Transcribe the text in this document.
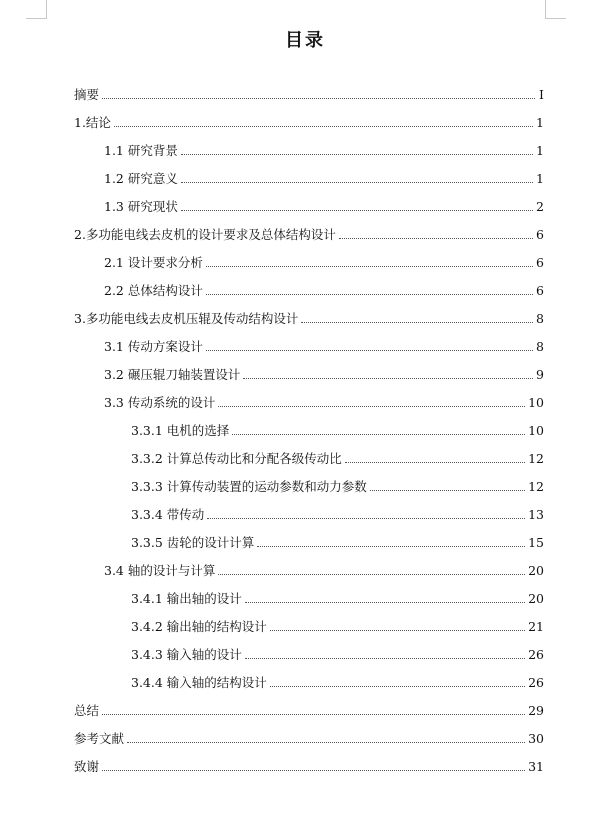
目录
摘要	I
1.结论	1
1.1 研究背景	1
1.2 研究意义	1
1.3 研究现状	2
2.多功能电线去皮机的设计要求及总体结构设计	6
2.1 设计要求分析	6
2.2 总体结构设计	6
3.多功能电线去皮机压辊及传动结构设计	8
3.1 传动方案设计	8
3.2 碾压辊刀轴装置设计	9
3.3 传动系统的设计	10
3.3.1 电机的选择	10
3.3.2 计算总传动比和分配各级传动比	12
3.3.3 计算传动装置的运动参数和动力参数	12
3.3.4 带传动	13
3.3.5 齿轮的设计计算	15
3.4 轴的设计与计算	20
3.4.1 输出轴的设计	20
3.4.2 输出轴的结构设计	21
3.4.3 输入轴的设计	26
3.4.4 输入轴的结构设计	26
总结	29
参考文献	30
致谢	31
